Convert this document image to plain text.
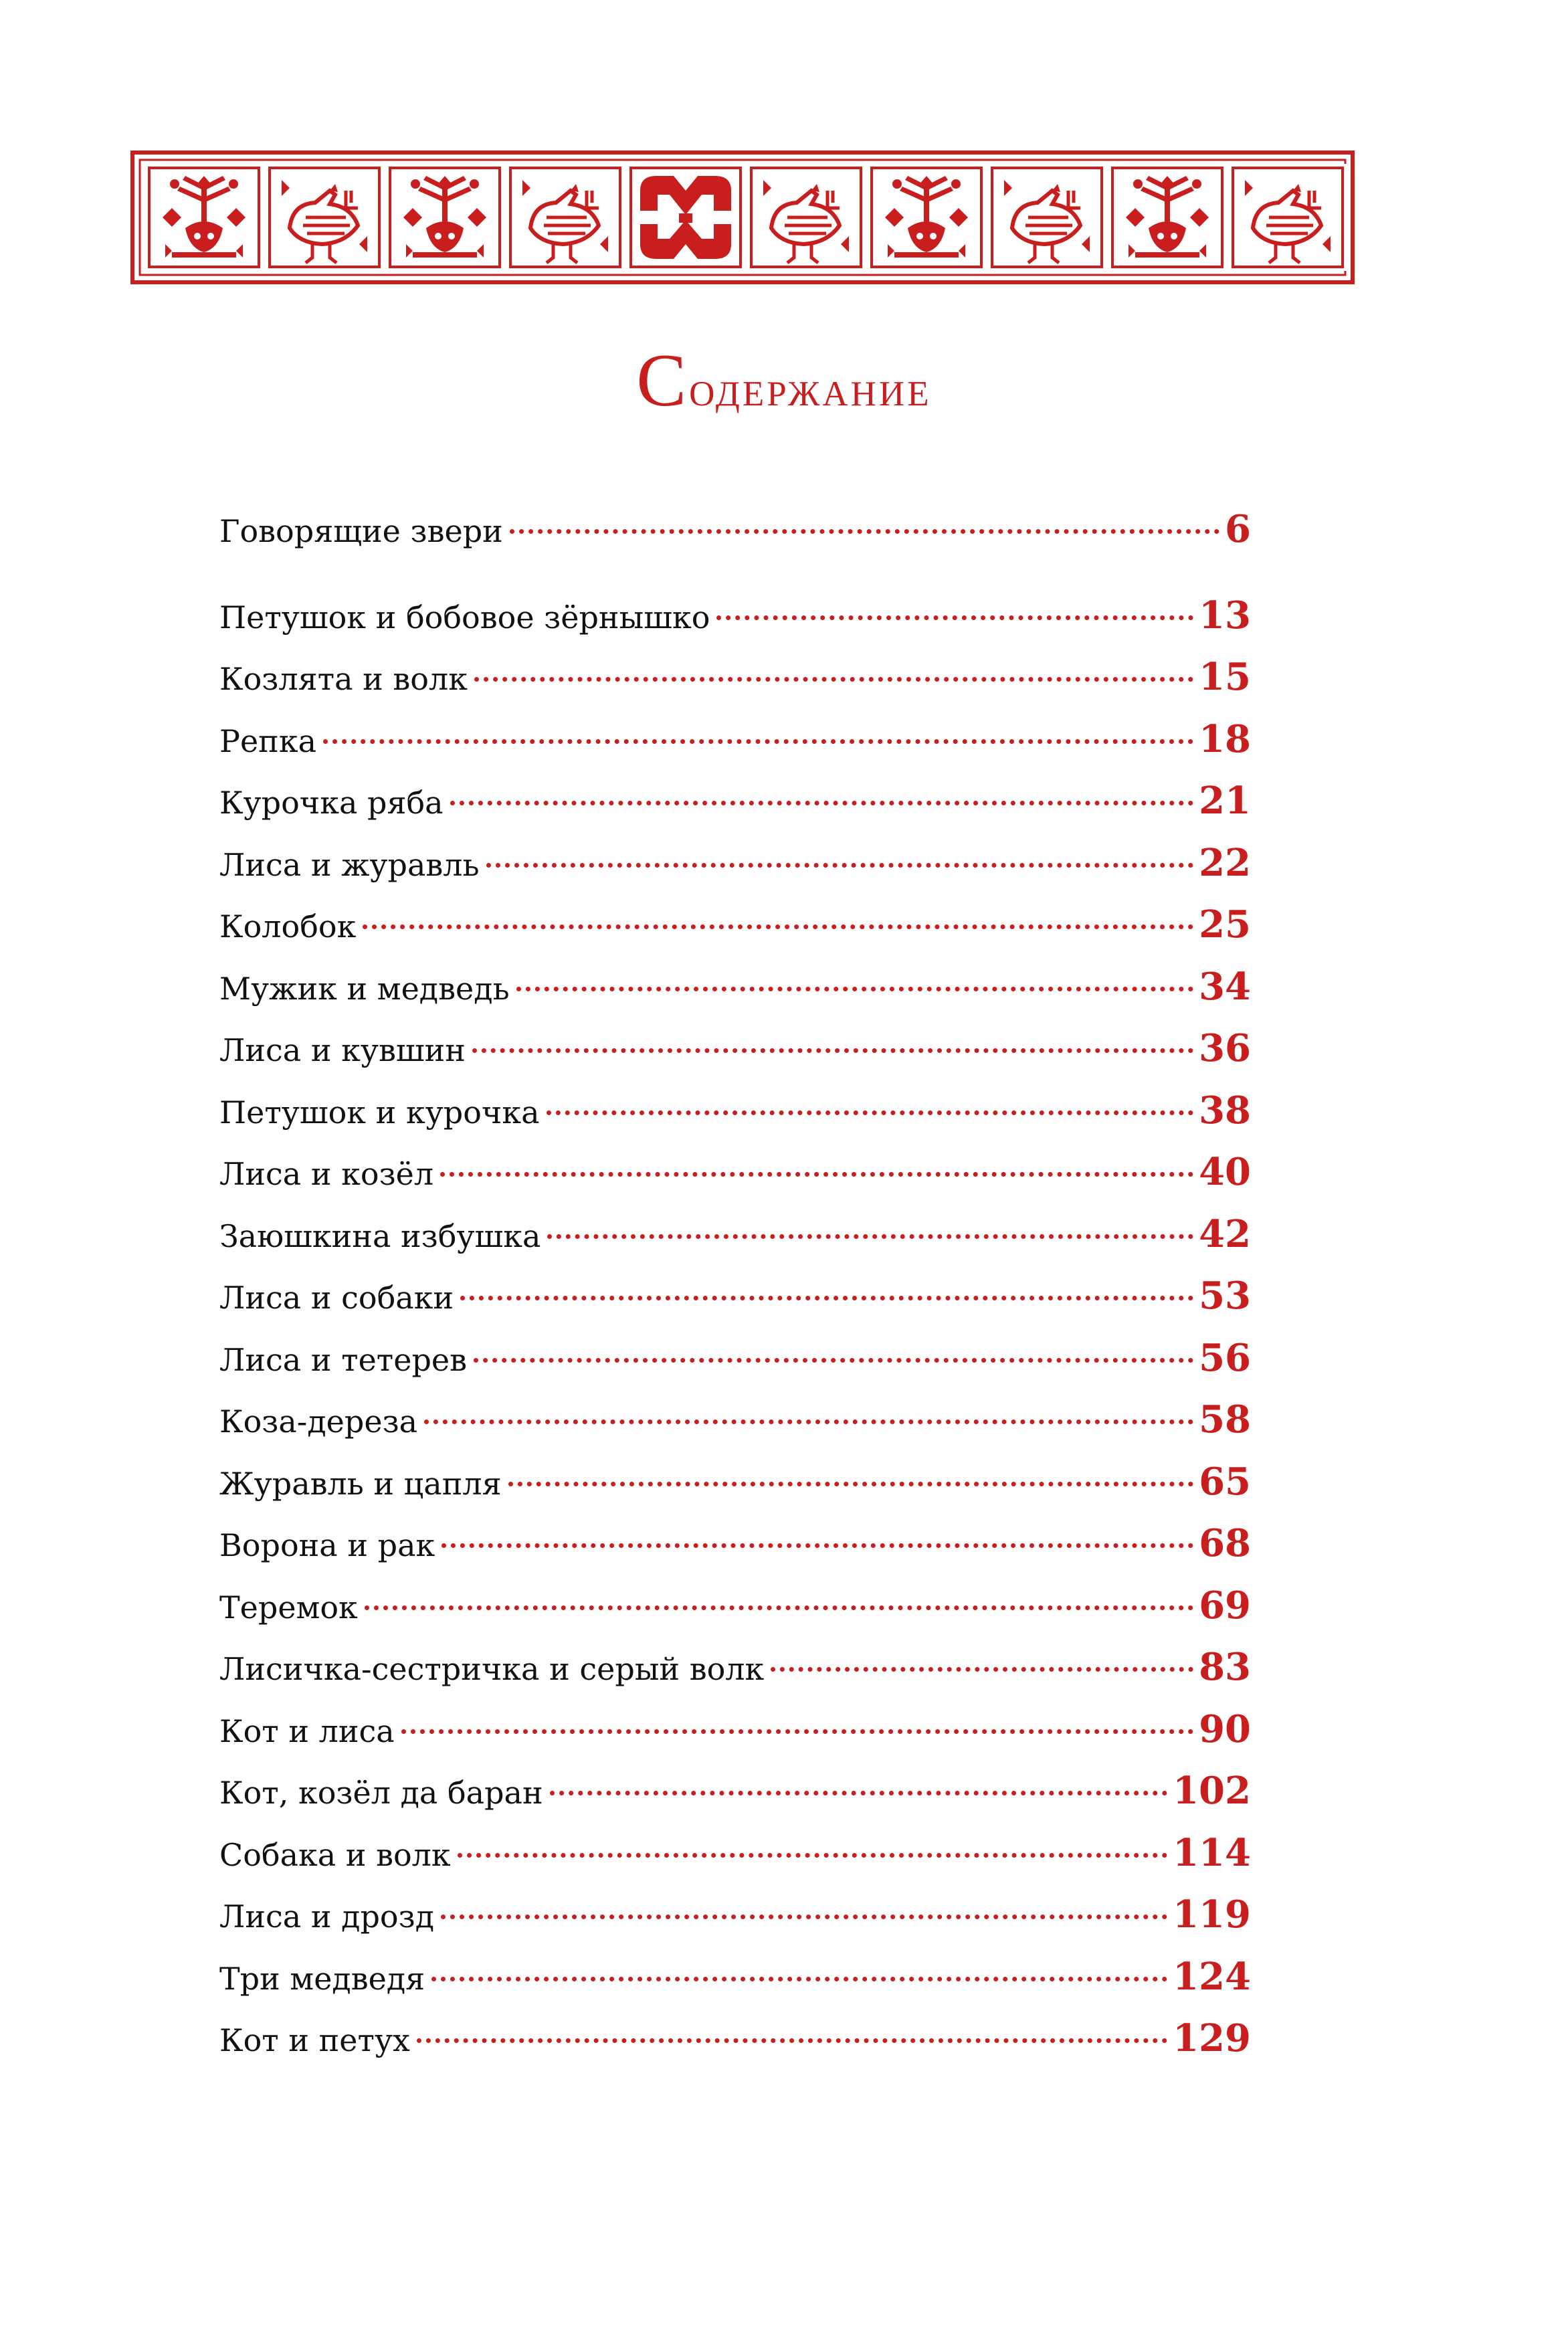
Содержание
Говорящие звери	6
Петушок и бобовое зёрнышко	13
Козлята и волк	15
Репка	18
Курочка ряба	21
Лиса и журавль	22
Колобок	25
Мужик и медведь	34
Лиса и кувшин	36
Петушок и курочка	38
Лиса и козёл	40
Заюшкина избушка	42
Лиса и собаки	53
Лиса и тетерев	56
Коза-дереза	58
Журавль и цапля	65
Ворона и рак	68
Теремок	69
Лисичка-сестричка и серый волк	83
Кот и лиса	90
Кот, козёл да баран	102
Собака и волк	114
Лиса и дрозд	119
Три медведя	124
Кот и петух	129
